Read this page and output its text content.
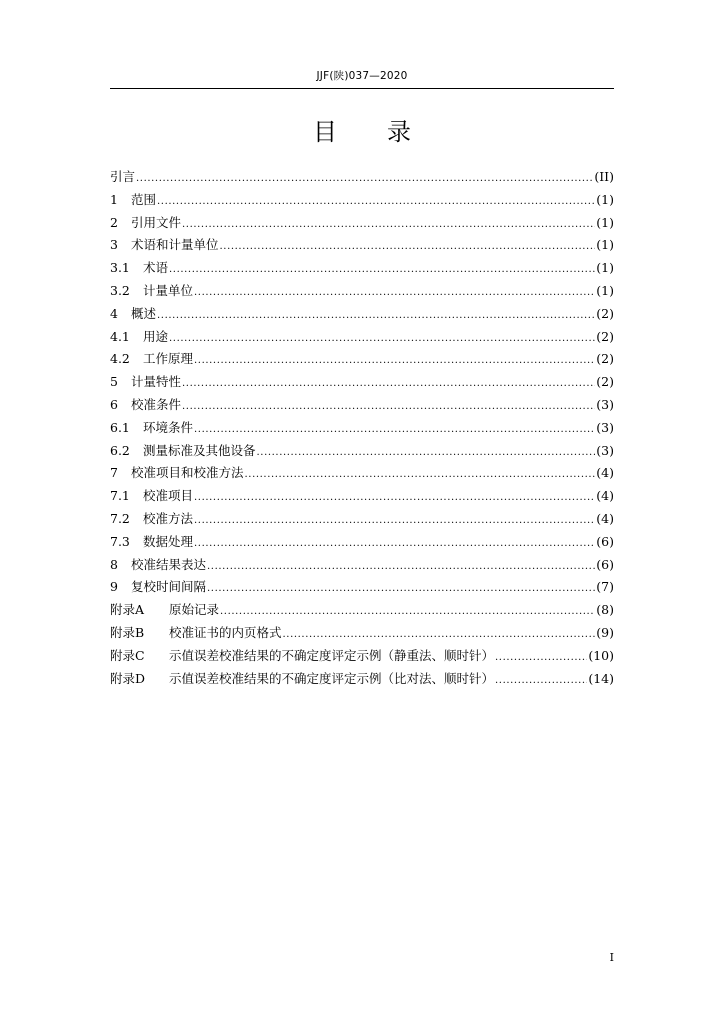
JJF(陕)037—2020
目录
引言 .....	(II)
1	范围 .....	(1)
2	引用文件 .....	(1)
3	术语和计量单位 .....	(1)
3.1	术语 .....	(1)
3.2	计量单位 .....	(1)
4	概述 .....	(2)
4.1	用途 .....	(2)
4.2	工作原理 .....	(2)
5	计量特性 .....	(2)
6	校准条件 .....	(3)
6.1	环境条件 .....	(3)
6.2	测量标准及其他设备 .....	(3)
7	校准项目和校准方法 .....	(4)
7.1	校准项目 .....	(4)
7.2	校准方法 .....	(4)
7.3	数据处理 .....	(6)
8	校准结果表达 .....	(6)
9	复校时间间隔 .....	(7)
附录A	原始记录 .....	(8)
附录B	校准证书的内页格式 .....	(9)
附录C	示值误差校准结果的不确定度评定示例（静重法、顺时针） .....	(10)
附录D	示值误差校准结果的不确定度评定示例（比对法、顺时针） .....	(14)
I
